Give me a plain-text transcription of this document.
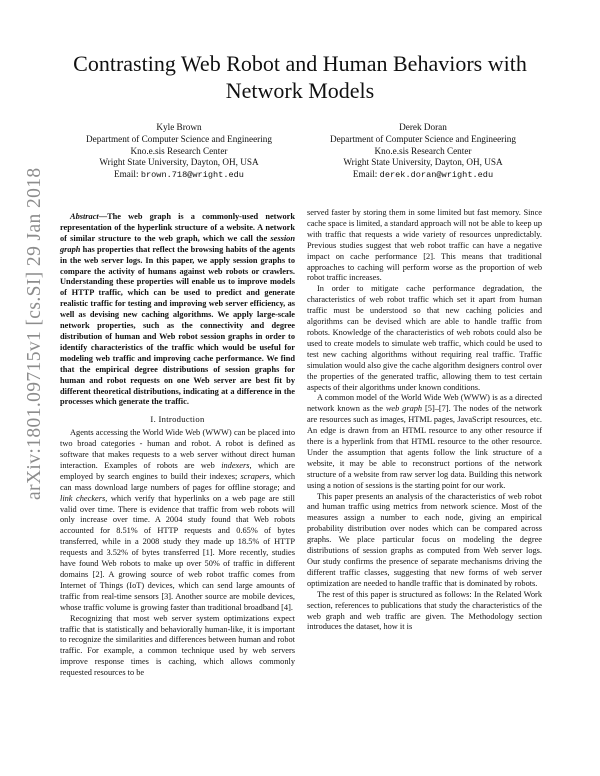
arXiv:1801.09715v1 [cs.SI] 29 Jan 2018
Contrasting Web Robot and Human Behaviors with Network Models
Kyle Brown
Department of Computer Science and Engineering
Kno.e.sis Research Center
Wright State University, Dayton, OH, USA
Email: brown.718@wright.edu
Derek Doran
Department of Computer Science and Engineering
Kno.e.sis Research Center
Wright State University, Dayton, OH, USA
Email: derek.doran@wright.edu

Abstract—The web graph is a commonly-used network representation of the hyperlink structure of a website. A network of similar structure to the web graph, which we call the session graph has properties that reflect the browsing habits of the agents in the web server logs. In this paper, we apply session graphs to compare the activity of humans against web robots or crawlers. Understanding these properties will enable us to improve models of HTTP traffic, which can be used to predict and generate realistic traffic for testing and improving web server efficiency, as well as devising new caching algorithms. We apply large-scale network properties, such as the connectivity and degree distribution of human and Web robot session graphs in order to identify characteristics of the traffic which would be useful for modeling web traffic and improving cache performance. We find that the empirical degree distributions of session graphs for human and robot requests on one Web server are best fit by different theoretical distributions, indicating at a difference in the processes which generate the traffic.

I. Introduction

Agents accessing the World Wide Web (WWW) can be placed into two broad categories - human and robot. A robot is defined as software that makes requests to a web server without direct human interaction. Examples of robots are web indexers, which are employed by search engines to build their indexes; scrapers, which can mass download large numbers of pages for offline storage; and link checkers, which verify that hyperlinks on a web page are still valid over time. There is evidence that traffic from web robots will only increase over time. A 2004 study found that Web robots accounted for 8.51% of HTTP requests and 0.65% of bytes transferred, while in a 2008 study they made up 18.5% of HTTP requests and 3.52% of bytes transferred [1]. More recently, studies have found Web robots to make up over 50% of traffic in different domains [2]. A growing source of web robot traffic comes from Internet of Things (IoT) devices, which can send large amounts of traffic from real-time sensors [3]. Another source are mobile devices, whose traffic volume is growing faster than traditional broadband [4].

Recognizing that most web server system optimizations expect traffic that is statistically and behaviorally human-like, it is important to recognize the similarities and differences between human and robot traffic. For example, a common technique used by web servers improve response times is caching, which allows commonly requested resources to be

served faster by storing them in some limited but fast memory. Since cache space is limited, a standard approach will not be able to keep up with traffic that requests a wide variety of resources unpredictably. Previous studies suggest that web robot traffic can have a negative impact on cache performance [2]. This means that traditional approaches to caching will perform worse as the proportion of web robot traffic increases.

In order to mitigate cache performance degradation, the characteristics of web robot traffic which set it apart from human traffic must be understood so that new caching policies and algorithms can be devised which are able to handle traffic from robots. Knowledge of the characteristics of web robots could also be used to create models to simulate web traffic, which could be used to test new caching algorithms without requiring real traffic. Traffic simulation would also give the cache algorithm designers control over the properties of the generated traffic, allowing them to test certain aspects of their algorithms under known conditions.

A common model of the World Wide Web (WWW) is as a directed network known as the web graph [5]–[7]. The nodes of the network are resources such as images, HTML pages, JavaScript resources, etc. An edge is drawn from an HTML resource to any other resource if there is a hyperlink from that HTML resource to the other resource. Under the assumption that agents follow the link structure of a website, it may be able to reconstruct portions of the network structure of a website from raw server log data. Building this network using a notion of sessions is the starting point for our work.

This paper presents an analysis of the characteristics of web robot and human traffic using metrics from network science. Most of the measures assign a number to each node, giving an empirical probability distribution over nodes which can be compared across graphs. We place particular focus on modeling the degree distributions of session graphs as computed from Web server logs. Our study confirms the presence of separate mechanisms driving the different traffic classes, suggesting that new forms of web server optimization are needed to handle traffic that is dominated by robots.

The rest of this paper is structured as follows: In the Related Work section, references to publications that study the characteristics of the web graph and web traffic are given. The Methodology section introduces the dataset, how it is
